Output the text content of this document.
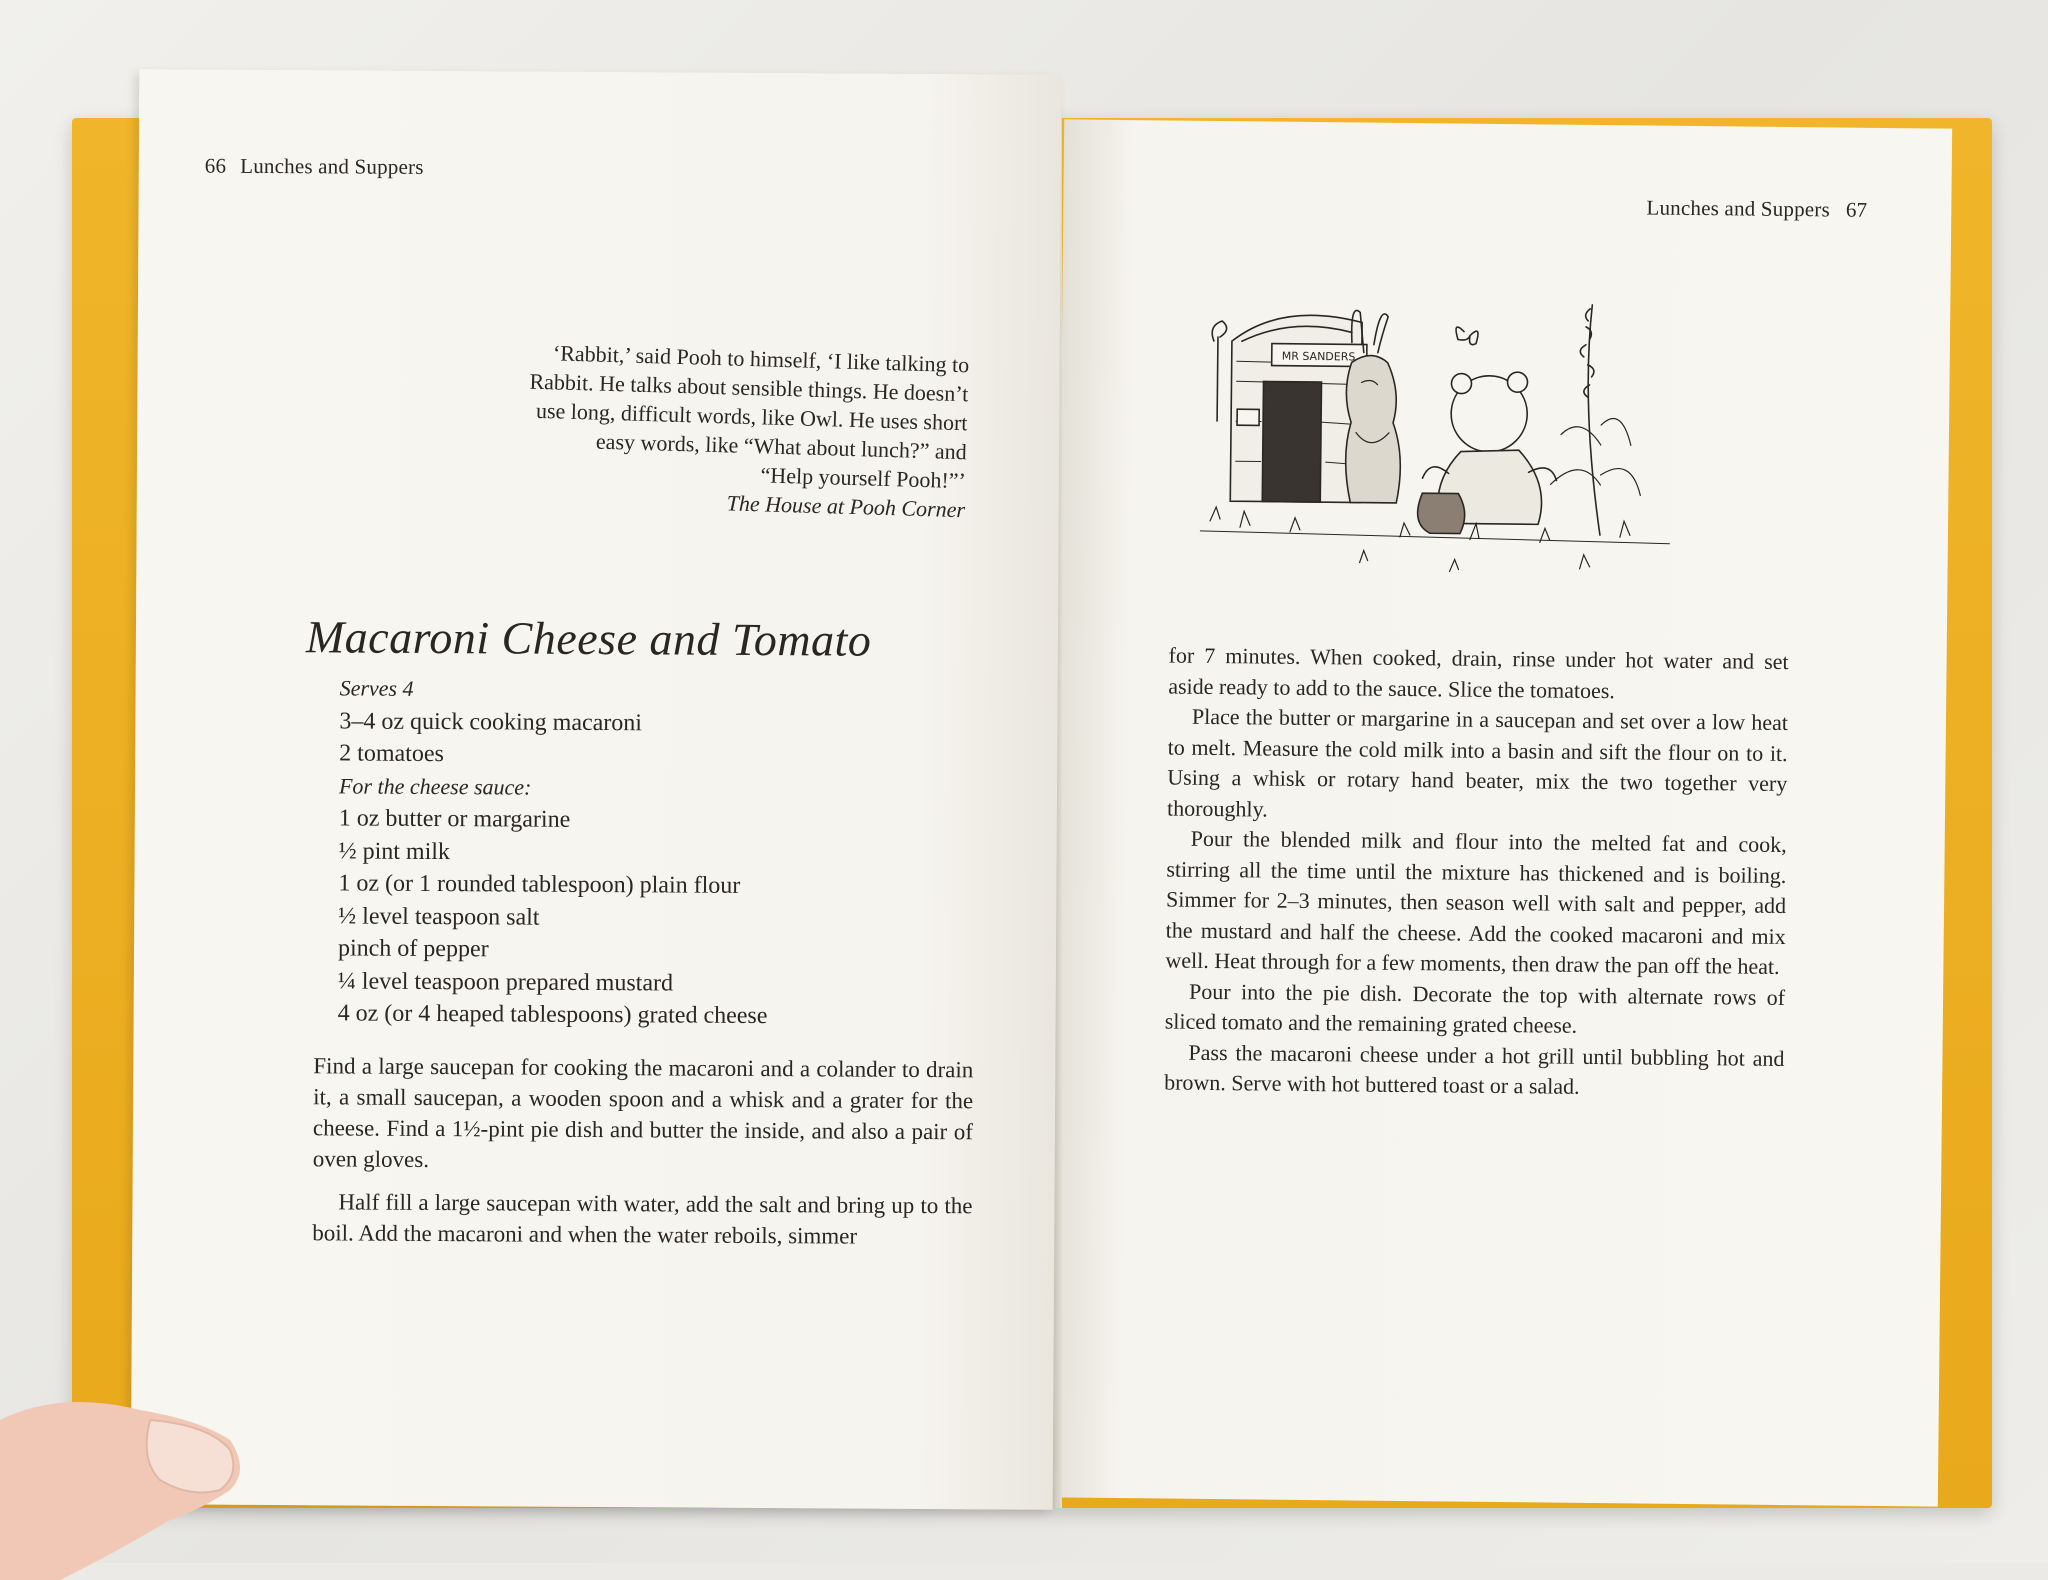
Lunches and Suppers 67
MR SANDERS

for 7 minutes. When cooked, drain, rinse under hot water and set aside ready to add to the sauce. Slice the tomatoes.

Place the butter or margarine in a saucepan and set over a low heat to melt. Measure the cold milk into a basin and sift the flour on to it. Using a whisk or rotary hand beater, mix the two together very thoroughly.

Pour the blended milk and flour into the melted fat and cook, stirring all the time until the mixture has thickened and is boiling. Simmer for 2–3 minutes, then season well with salt and pepper, add the mustard and half the cheese. Add the cooked macaroni and mix well. Heat through for a few moments, then draw the pan off the heat.

Pour into the pie dish. Decorate the top with alternate rows of sliced tomato and the remaining grated cheese.

Pass the macaroni cheese under a hot grill until bubbling hot and brown. Serve with hot buttered toast or a salad.

66 Lunches and Suppers
‘Rabbit,’ said Pooh to himself, ‘I like talking to
Rabbit. He talks about sensible things. He doesn’t
use long, difficult words, like Owl. He uses short
easy words, like “What about lunch?” and
“Help yourself Pooh!”’
The House at Pooh Corner
Macaroni Cheese and Tomato
Serves 4
3–4 oz quick cooking macaroni
2 tomatoes
For the cheese sauce:
1 oz butter or margarine
½ pint milk
1 oz (or 1 rounded tablespoon) plain flour
½ level teaspoon salt
pinch of pepper
¼ level teaspoon prepared mustard
4 oz (or 4 heaped tablespoons) grated cheese

Find a large saucepan for cooking the macaroni and a colander to drain it, a small saucepan, a wooden spoon and a whisk and a grater for the cheese. Find a 1½-pint pie dish and butter the inside, and also a pair of oven gloves.

Half fill a large saucepan with water, add the salt and bring up to the boil. Add the macaroni and when the water reboils, simmer
